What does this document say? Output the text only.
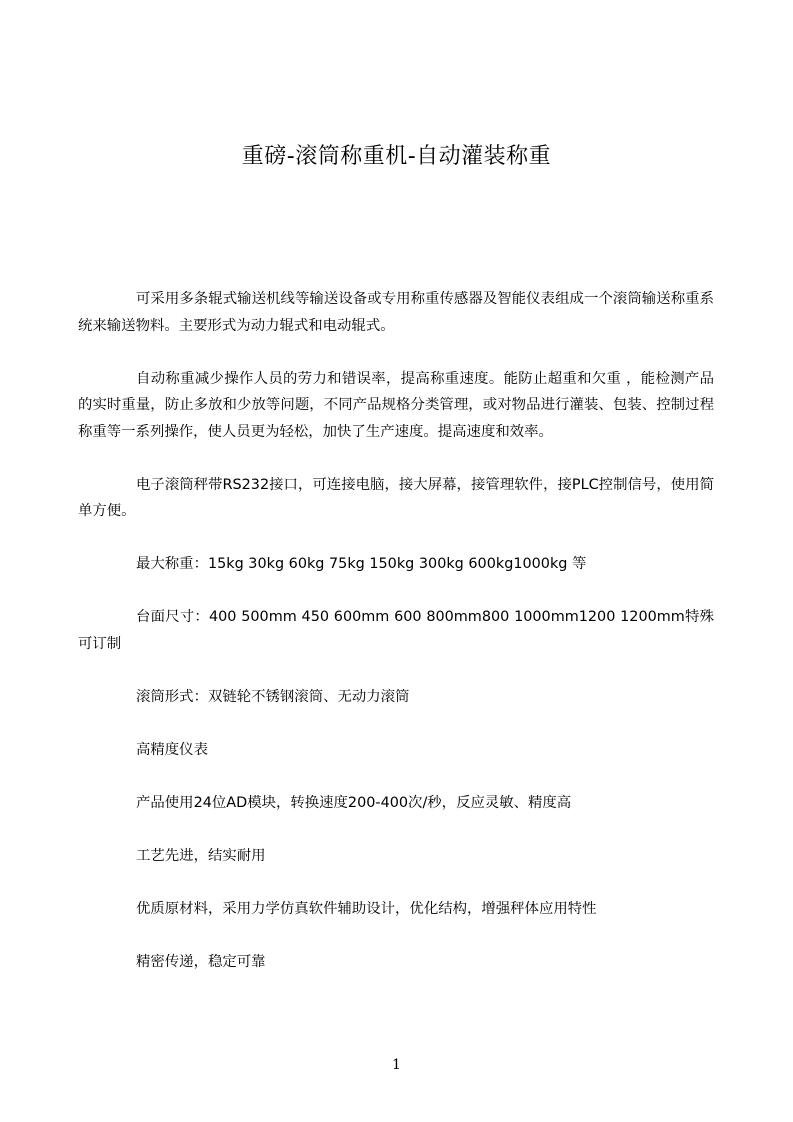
重磅-滚筒称重机-自动灌装称重

可采用多条辊式输送机线等输送设备或专用称重传感器及智能仪表组成一个滚筒输送称重系统来输送物料。主要形式为动力辊式和电动辊式。

自动称重减少操作人员的劳力和错误率，提高称重速度。能防止超重和欠重 ，能检测产品的实时重量，防止多放和少放等问题，不同产品规格分类管理，或对物品进行灌装、包装、控制过程称重等一系列操作，使人员更为轻松，加快了生产速度。提高速度和效率。

电子滚筒秤带RS232接口，可连接电脑，接大屏幕，接管理软件，接PLC控制信号，使用简单方便。

最大称重：15kg 30kg 60kg 75kg 150kg 300kg 600kg1000kg 等

台面尺寸：400 500mm 450 600mm 600 800mm800 1000mm1200 1200mm特殊可订制

滚筒形式：双链轮不锈钢滚筒、无动力滚筒

高精度仪表

产品使用24位AD模块，转换速度200-400次/秒，反应灵敏、精度高

工艺先进，结实耐用

优质原材料，采用力学仿真软件辅助设计，优化结构，增强秤体应用特性

精密传递，稳定可靠

1
